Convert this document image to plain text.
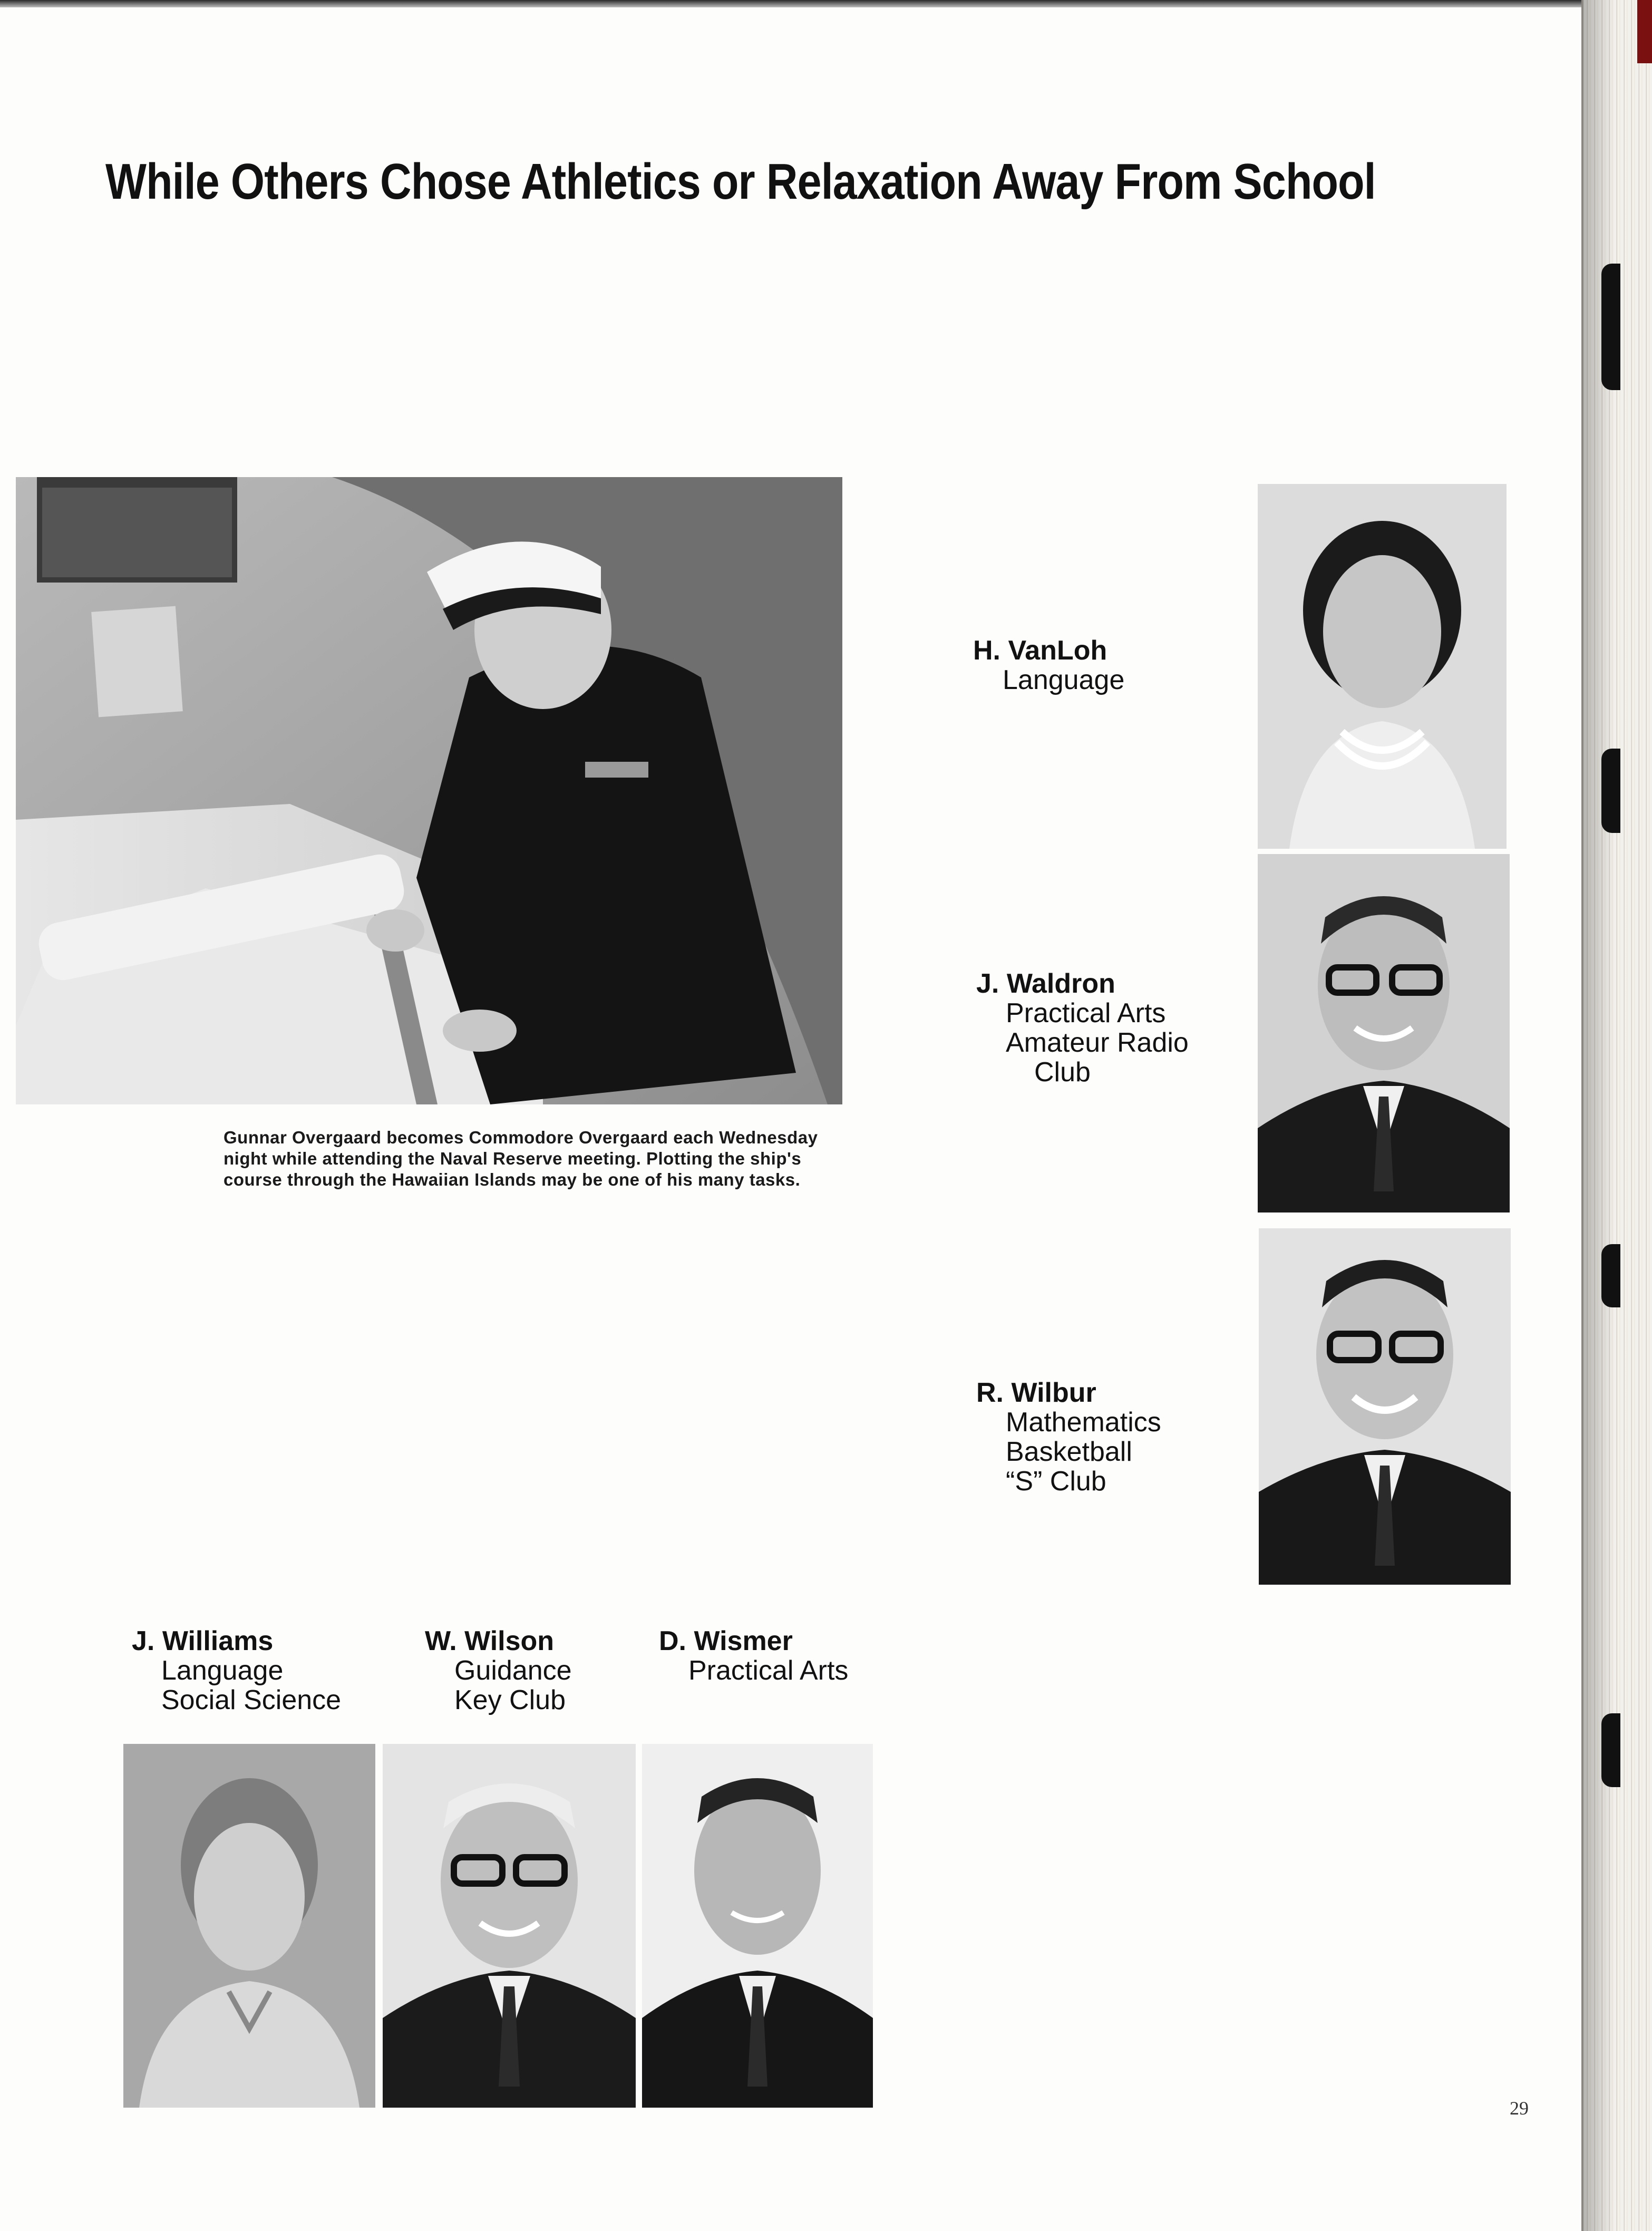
While Others Chose Athletics or Relaxation Away From School
Gunnar Overgaard becomes Commodore Overgaard each Wednesday night while attending the Naval Reserve meeting. Plotting the ship's course through the Hawaiian Islands may be one of his many tasks.
H. VanLoh
Language
J. Waldron
Practical Arts
Amateur Radio
Club
R. Wilbur
Mathematics
Basketball
“S” Club
J. Williams
Language
Social Science
W. Wilson
Guidance
Key Club
D. Wismer
Practical Arts
29
